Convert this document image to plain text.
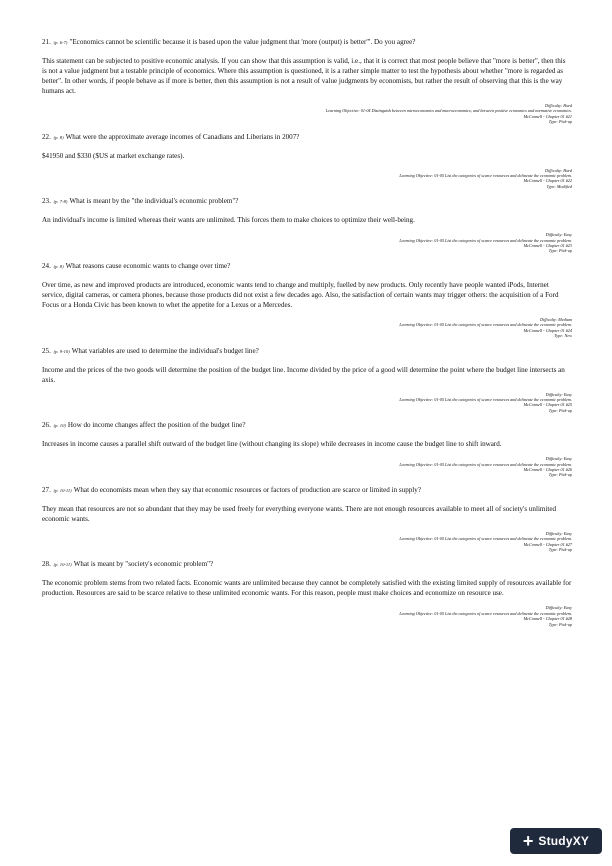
21. (p. 6-7) "Economics cannot be scientific because it is based upon the value judgment that 'more (output) is better'". Do you agree?

This statement can be subjected to positive economic analysis. If you can show that this assumption is valid, i.e., that it is correct that most people believe that "more is better", then this is not a value judgment but a testable principle of economics. Where this assumption is questioned, it is a rather simple matter to test the hypothesis about whether "more is regarded as better". In other words, if people behave as if more is better, then this assumption is not a result of value judgments by economists, but rather the result of observing that this is the way humans act.

Difficulty: Hard
Learning Objective: 01-04 Distinguish between microeconomics and macroeconomics; and between positive economics and normative economics.
McConnell - Chapter 01 #21
Type: Pick-up

22. (p. 8) What were the approximate average incomes of Canadians and Liberians in 2007?

$41950 and $330 ($US at market exchange rates).

Difficulty: Hard
Learning Objective: 01-05 List the categories of scarce resources and delineate the economic problem.
McConnell - Chapter 01 #22
Type: Modified

23. (p. 7-8) What is meant by the "the individual's economic problem"?

An individual's income is limited whereas their wants are unlimited. This forces them to make choices to optimize their well-being.

Difficulty: Easy
Learning Objective: 01-05 List the categories of scarce resources and delineate the economic problem.
McConnell - Chapter 01 #23
Type: Pick-up

24. (p. 8) What reasons cause economic wants to change over time?

Over time, as new and improved products are introduced, economic wants tend to change and multiply, fuelled by new products. Only recently have people wanted iPods, Internet service, digital cameras, or camera phones, because those products did not exist a few decades ago. Also, the satisfaction of certain wants may trigger others: the acquisition of a Ford Focus or a Honda Civic has been known to whet the appetite for a Lexus or a Mercedes.

Difficulty: Medium
Learning Objective: 01-05 List the categories of scarce resources and delineate the economic problem.
McConnell - Chapter 01 #24
Type: New

25. (p. 9-10) What variables are used to determine the individual's budget line?

Income and the prices of the two goods will determine the position of the budget line. Income divided by the price of a good will determine the point where the budget line intersects an axis.

Difficulty: Easy
Learning Objective: 01-05 List the categories of scarce resources and delineate the economic problem.
McConnell - Chapter 01 #25
Type: Pick-up

26. (p. 10) How do income changes affect the position of the budget line?

Increases in income causes a parallel shift outward of the budget line (without changing its slope) while decreases in income cause the budget line to shift inward.

Difficulty: Easy
Learning Objective: 01-05 List the categories of scarce resources and delineate the economic problem.
McConnell - Chapter 01 #26
Type: Pick-up

27. (p. 10-11) What do economists mean when they say that economic resources or factors of production are scarce or limited in supply?

They mean that resources are not so abundant that they may be used freely for everything everyone wants. There are not enough resources available to meet all of society's unlimited economic wants.

Difficulty: Easy
Learning Objective: 01-05 List the categories of scarce resources and delineate the economic problem.
McConnell - Chapter 01 #27
Type: Pick-up

28. (p. 10-11) What is meant by "society's economic problem"?

The economic problem stems from two related facts. Economic wants are unlimited because they cannot be completely satisfied with the existing limited supply of resources available for production. Resources are said to be scarce relative to these unlimited economic wants. For this reason, people must make choices and economize on resource use.

Difficulty: Easy
Learning Objective: 01-05 List the categories of scarce resources and delineate the economic problem.
McConnell - Chapter 01 #28
Type: Pick-up
+ StudyXY
